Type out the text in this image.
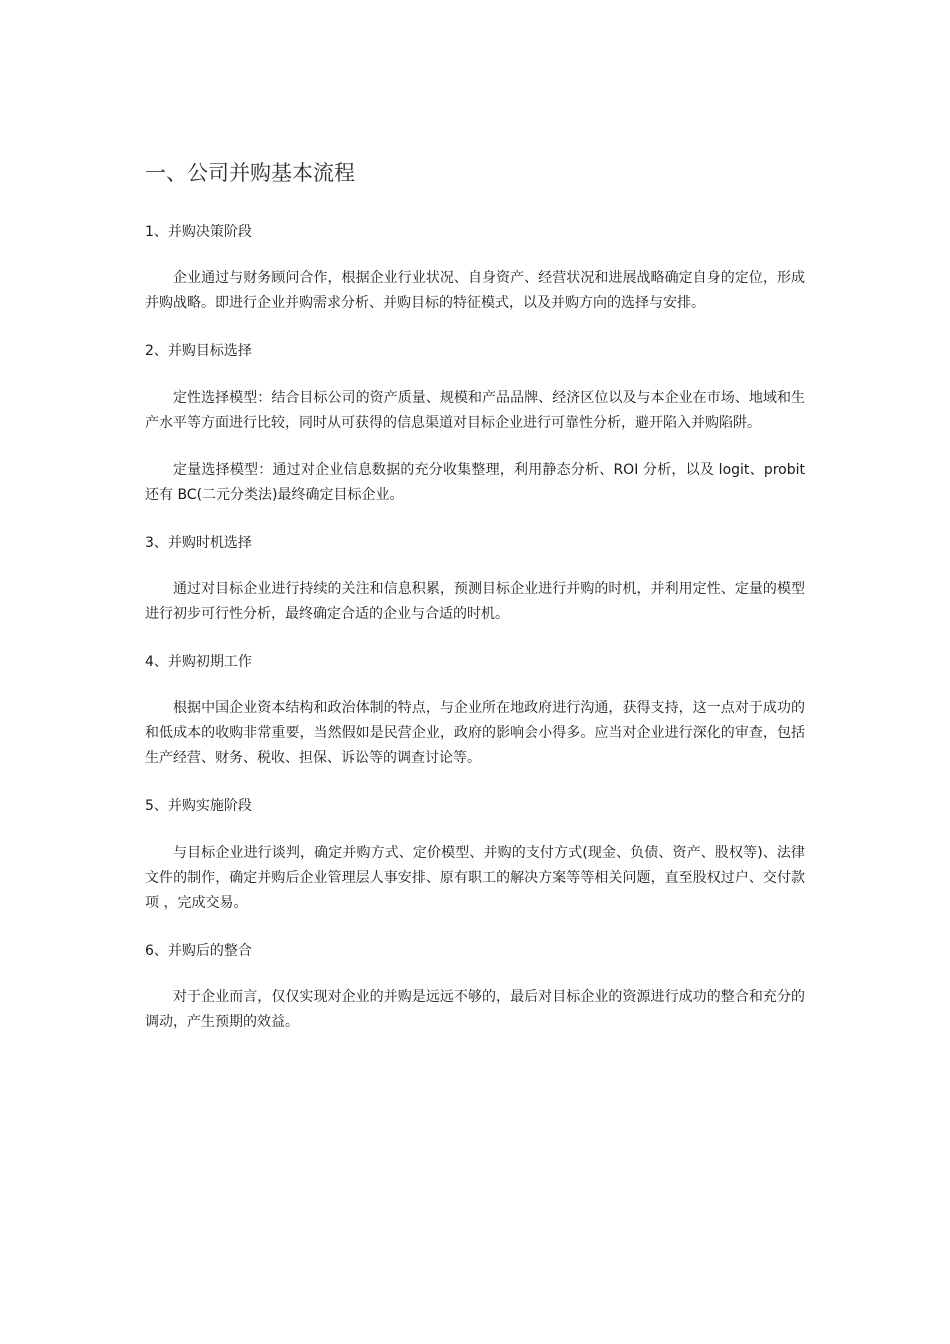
一、公司并购基本流程
1、并购决策阶段
企业通过与财务顾问合作，根据企业行业状况、自身资产、经营状况和进展战略确定自身的定位，形成并购战略。即进行企业并购需求分析、并购目标的特征模式，以及并购方向的选择与安排。
2、并购目标选择
定性选择模型：结合目标公司的资产质量、规模和产品品牌、经济区位以及与本企业在市场、地域和生产水平等方面进行比较，同时从可获得的信息渠道对目标企业进行可靠性分析，避开陷入并购陷阱。
定量选择模型：通过对企业信息数据的充分收集整理，利用静态分析、ROI 分析，以及 logit、probit 还有 BC(二元分类法)最终确定目标企业。
3、并购时机选择
通过对目标企业进行持续的关注和信息积累，预测目标企业进行并购的时机，并利用定性、定量的模型进行初步可行性分析，最终确定合适的企业与合适的时机。
4、并购初期工作
根据中国企业资本结构和政治体制的特点，与企业所在地政府进行沟通，获得支持，这一点对于成功的和低成本的收购非常重要，当然假如是民营企业，政府的影响会小得多。应当对企业进行深化的审查，包括生产经营、财务、税收、担保、诉讼等的调查讨论等。
5、并购实施阶段
与目标企业进行谈判，确定并购方式、定价模型、并购的支付方式(现金、负债、资产、股权等)、法律文件的制作，确定并购后企业管理层人事安排、原有职工的解决方案等等相关问题，直至股权过户、交付款项 ，完成交易。
6、并购后的整合
对于企业而言，仅仅实现对企业的并购是远远不够的，最后对目标企业的资源进行成功的整合和充分的调动，产生预期的效益。
